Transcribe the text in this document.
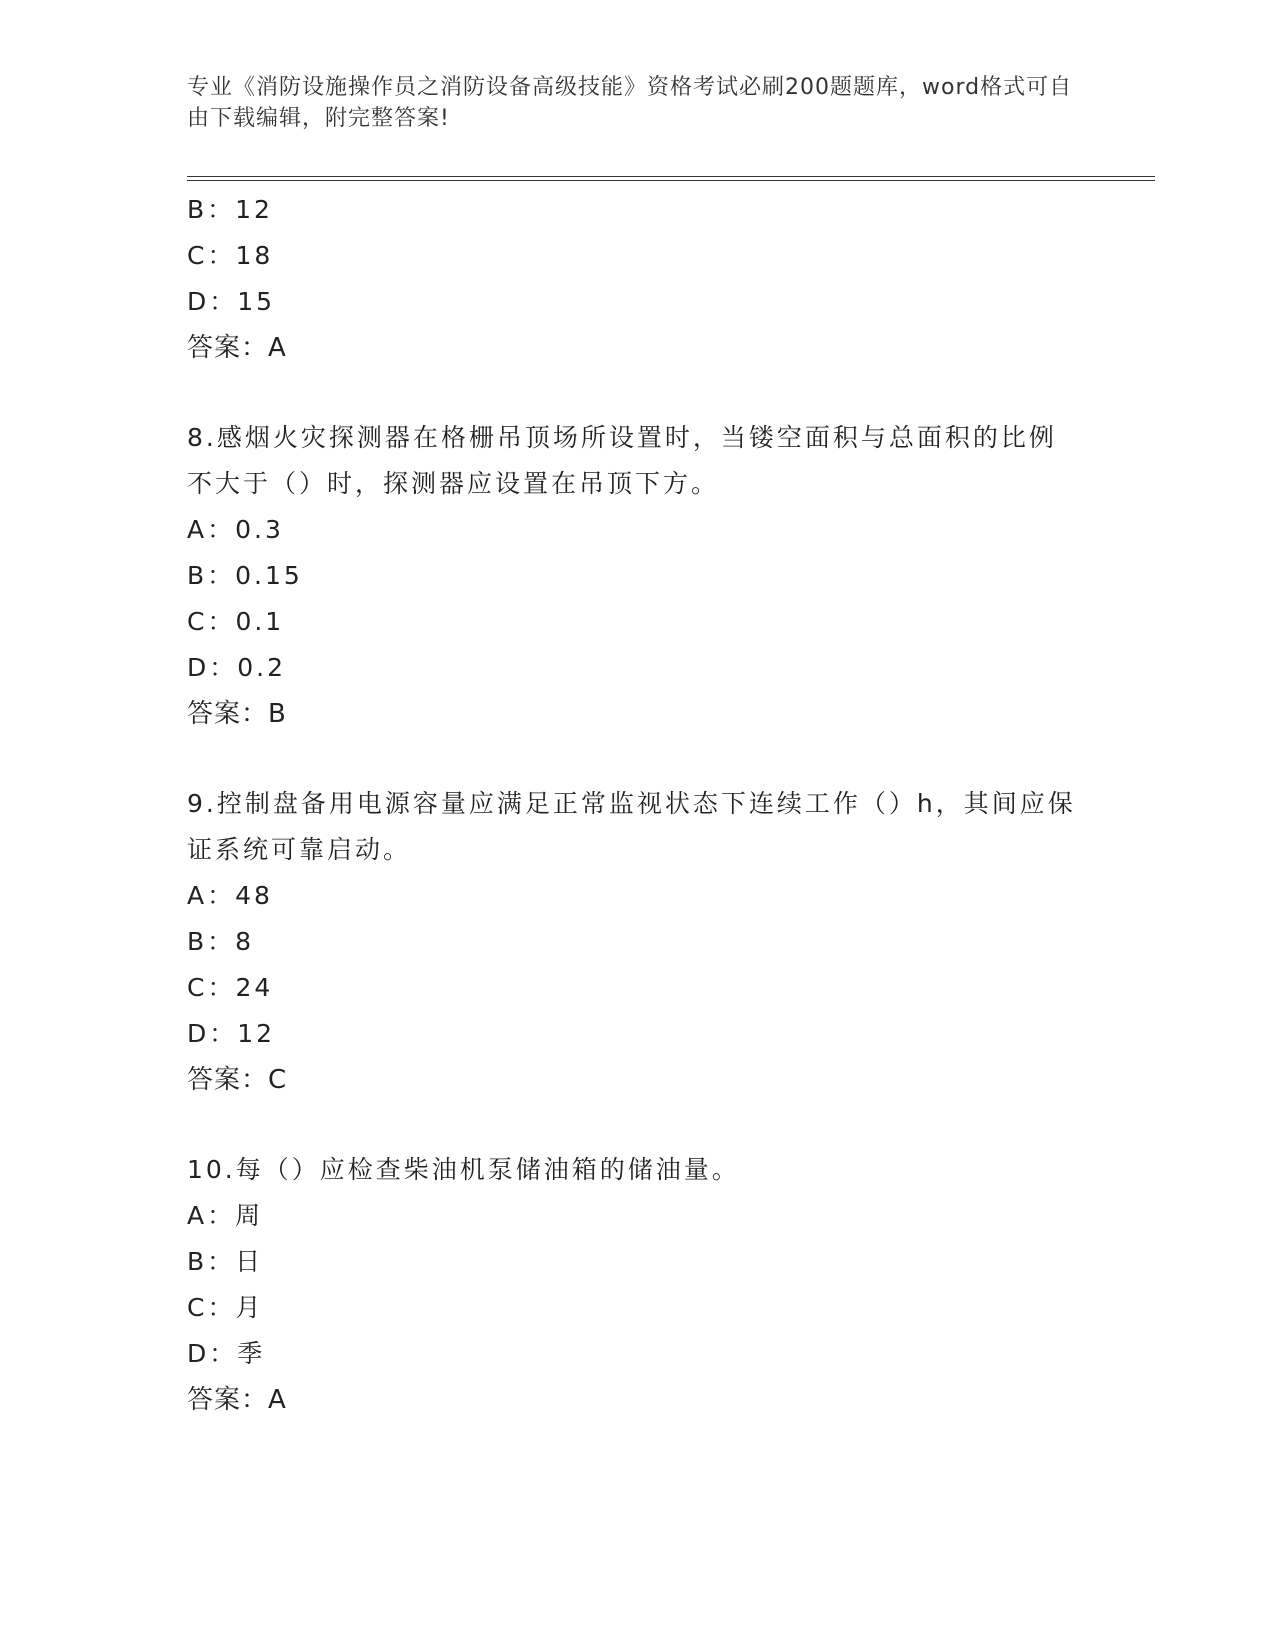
专业《消防设施操作员之消防设备高级技能》资格考试必刷200题题库，word格式可自由下载编辑，附完整答案!
B：12
C：18
D：15
答案：A
8.感烟火灾探测器在格栅吊顶场所设置时，当镂空面积与总面积的比例不大于（）时，探测器应设置在吊顶下方。
A：0.3
B：0.15
C：0.1
D：0.2
答案：B
9.控制盘备用电源容量应满足正常监视状态下连续工作（）h，其间应保证系统可靠启动。
A：48
B：8
C：24
D：12
答案：C
10.每（）应检查柴油机泵储油箱的储油量。
A：周
B：日
C：月
D：季
答案：A
